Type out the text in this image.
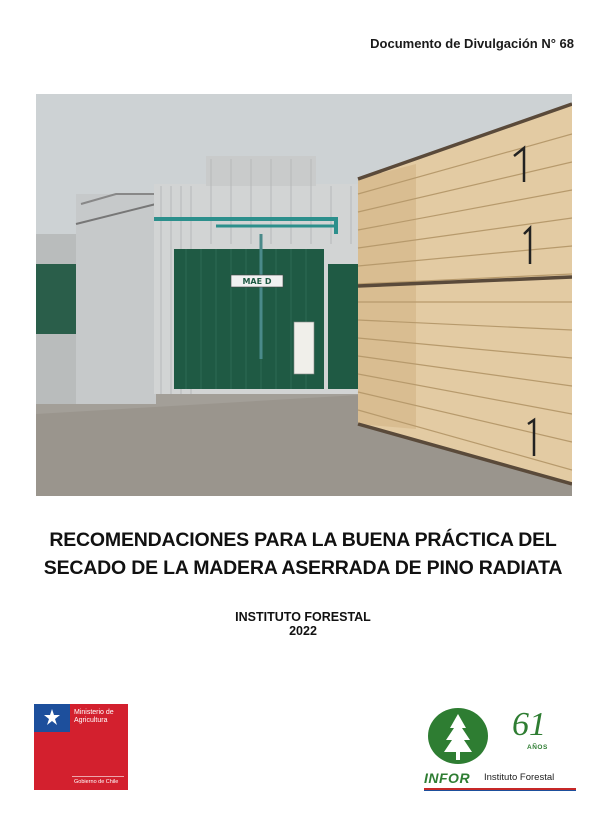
Documento de Divulgación N° 68
MAE D
RECOMENDACIONES PARA LA BUENA PRÁCTICA DEL
SECADO DE LA MADERA ASERRADA DE PINO RADIATA
INSTITUTO FORESTAL
2022
Ministerio de
Agricultura
Gobierno de Chile
61
AÑOS
INFOR Instituto Forestal
